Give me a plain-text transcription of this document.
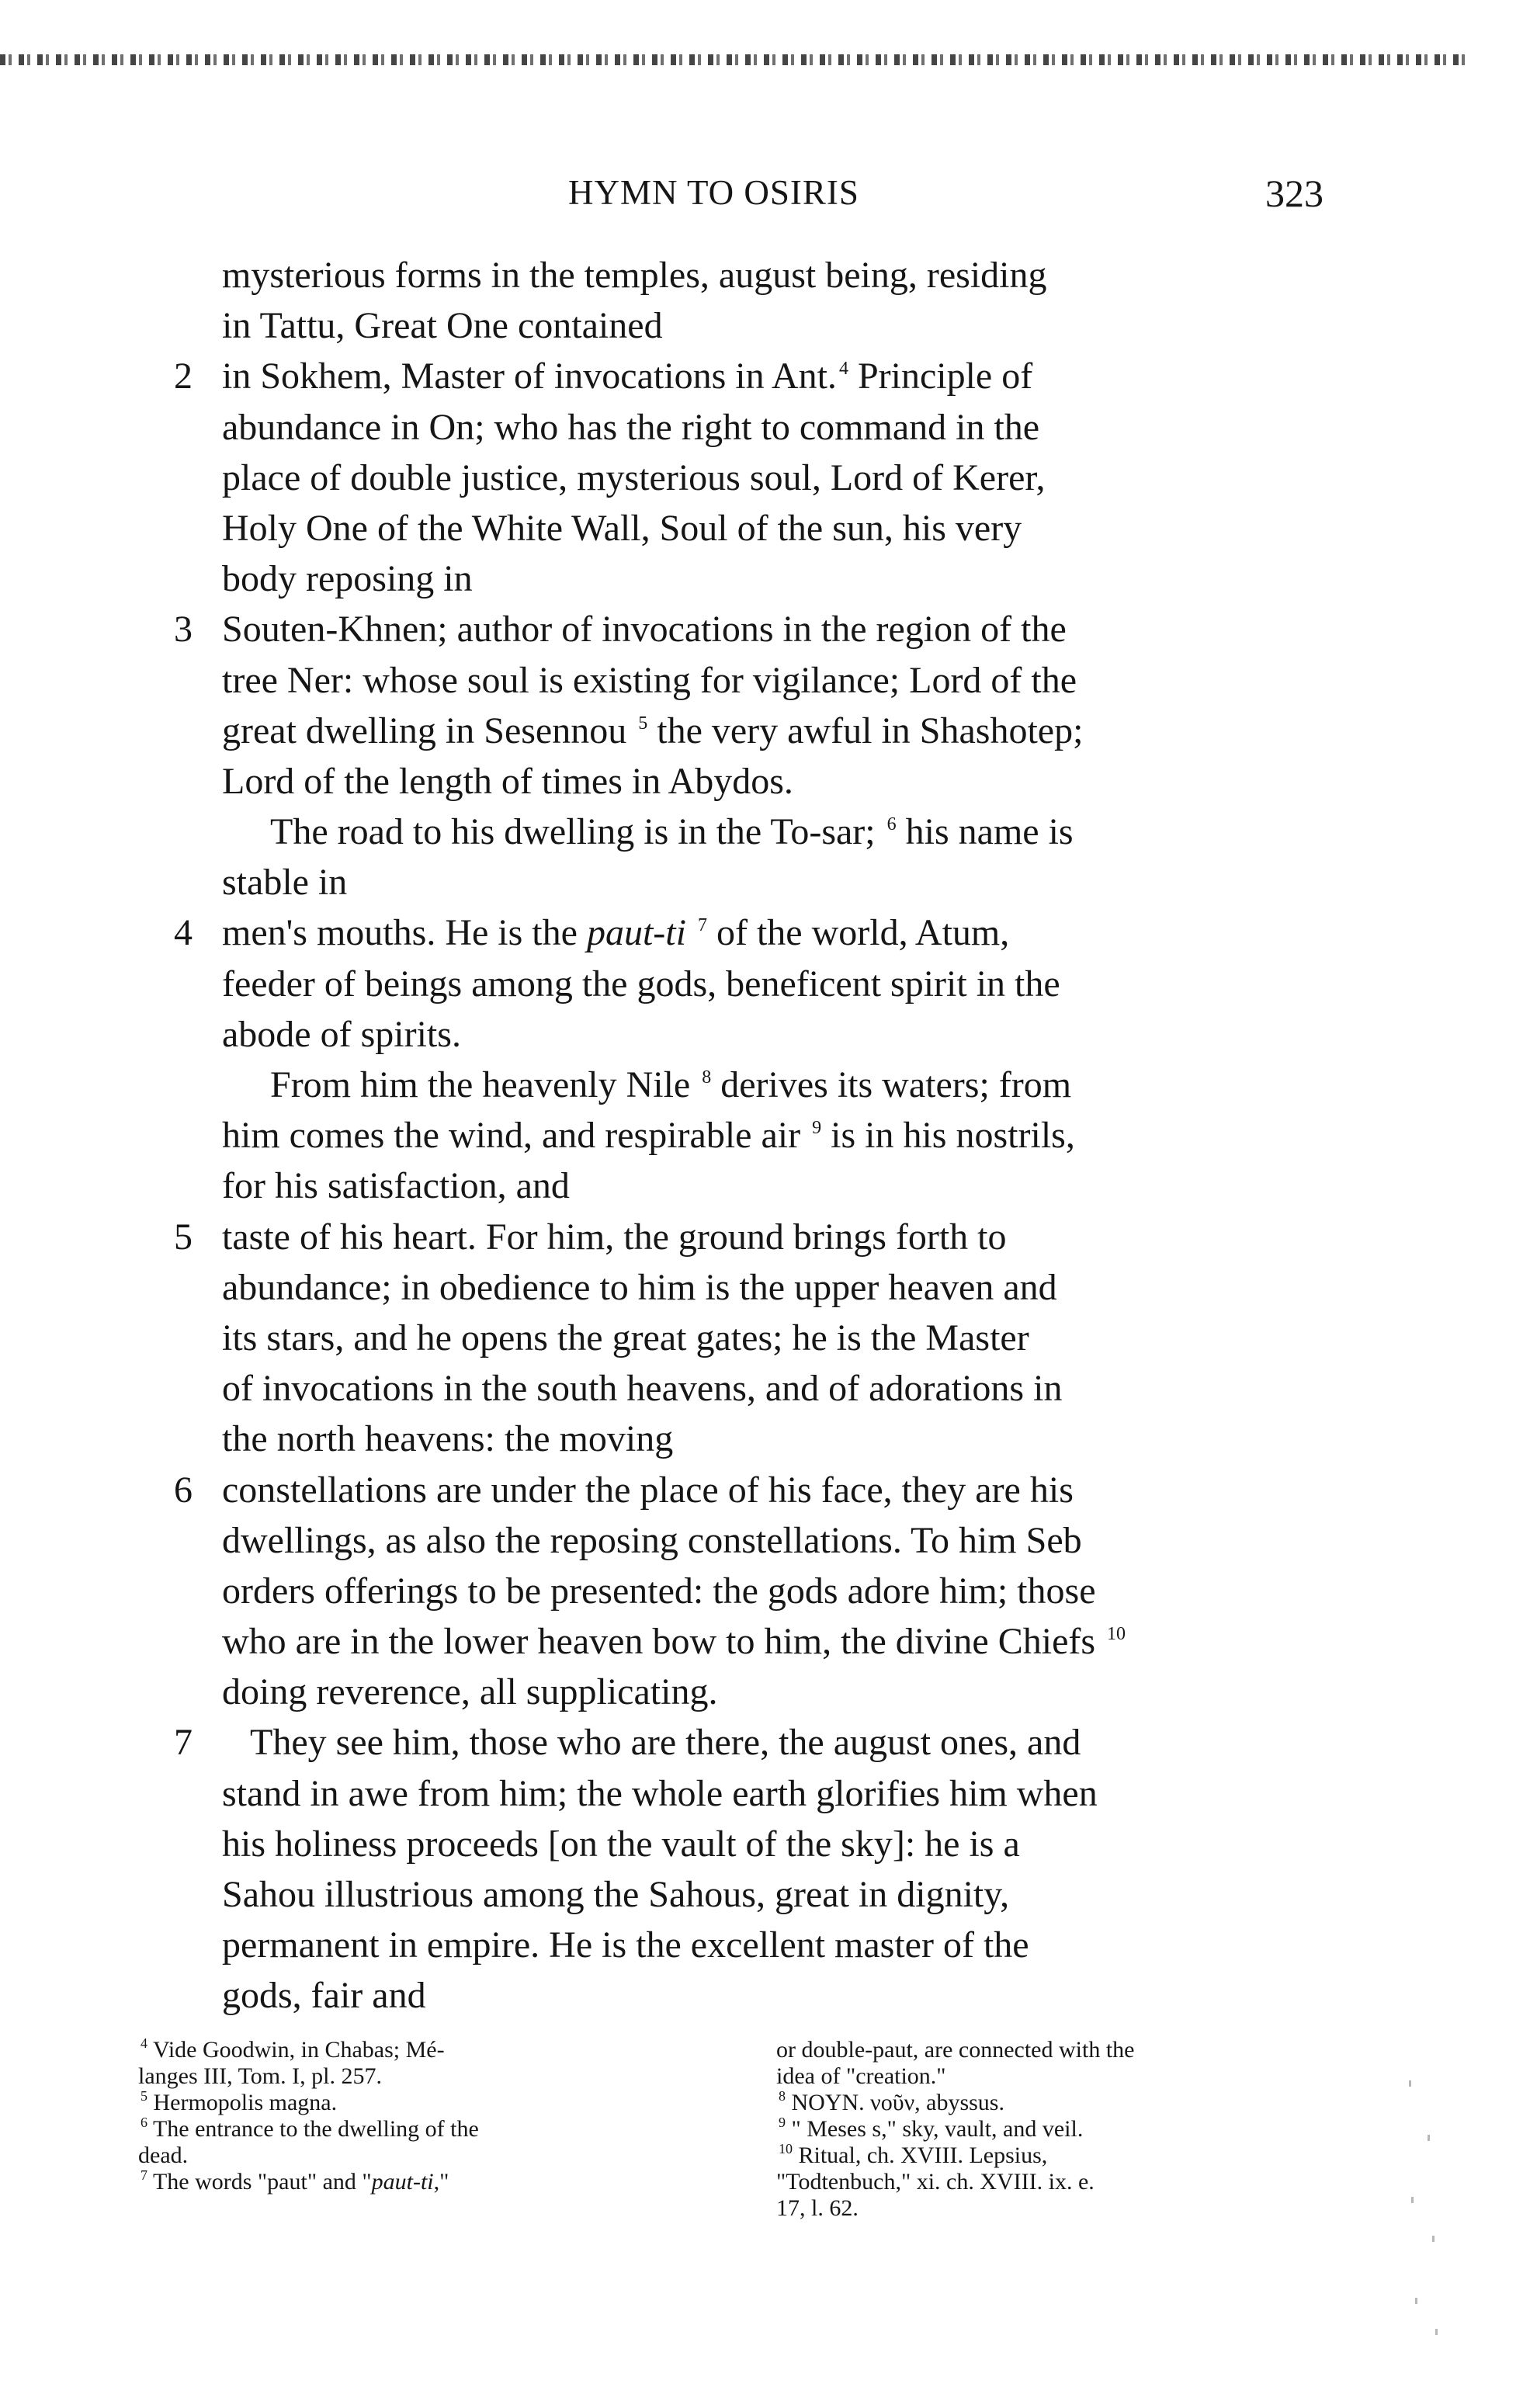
HYMN TO OSIRIS	323
mysterious forms in the temples, august being, residing
in Tattu, Great One contained
2 in Sokhem, Master of invocations in Ant. $^4$ Principle of
abundance in On; who has the right to command in the
place of double justice, mysterious soul, Lord of Kerer,
Holy One of the White Wall, Soul of the sun, his very
body reposing in
3 Souten-Khnen; author of invocations in the region of the
tree Ner: whose soul is existing for vigilance; Lord of the
great dwelling in Sesennou $^5$ the very awful in Shashotep;
Lord of the length of times in Abydos.
The road to his dwelling is in the To-sar; $^6$ his name is
stable in
4 men's mouths. He is the paut-ti $^7$ of the world, Atum,
feeder of beings among the gods, beneficent spirit in the
abode of spirits.
From him the heavenly Nile $^8$ derives its waters; from
him comes the wind, and respirable air $^9$ is in his nostrils,
for his satisfaction, and
5 taste of his heart. For him, the ground brings forth to
abundance; in obedience to him is the upper heaven and
its stars, and he opens the great gates; he is the Master
of invocations in the south heavens, and of adorations in
the north heavens: the moving
6 constellations are under the place of his face, they are his
dwellings, as also the reposing constellations. To him Seb
orders offerings to be presented: the gods adore him; those
who are in the lower heaven bow to him, the divine Chiefs $^{10}$
doing reverence, all supplicating.
7 They see him, those who are there, the august ones, and
stand in awe from him; the whole earth glorifies him when
his holiness proceeds [on the vault of the sky]: he is a
Sahou illustrious among the Sahous, great in dignity,
permanent in empire. He is the excellent master of the
gods, fair and
$^4$ Vide Goodwin, in Chabas; Mé-
langes III, Tom. I, pl. 257.
$^5$ Hermopolis magna.
$^6$ The entrance to the dwelling of the
dead.
$^7$ The words "paut" and "paut-ti,"
or double-paut, are connected with the
idea of "creation."
$^8$ NOYN. νοῦν, abyssus.
$^9$ " Meses s," sky, vault, and veil.
$^{10}$ Ritual, ch. XVIII. Lepsius,
"Todtenbuch," xi. ch. XVIII. ix. e.
17, l. 62.
